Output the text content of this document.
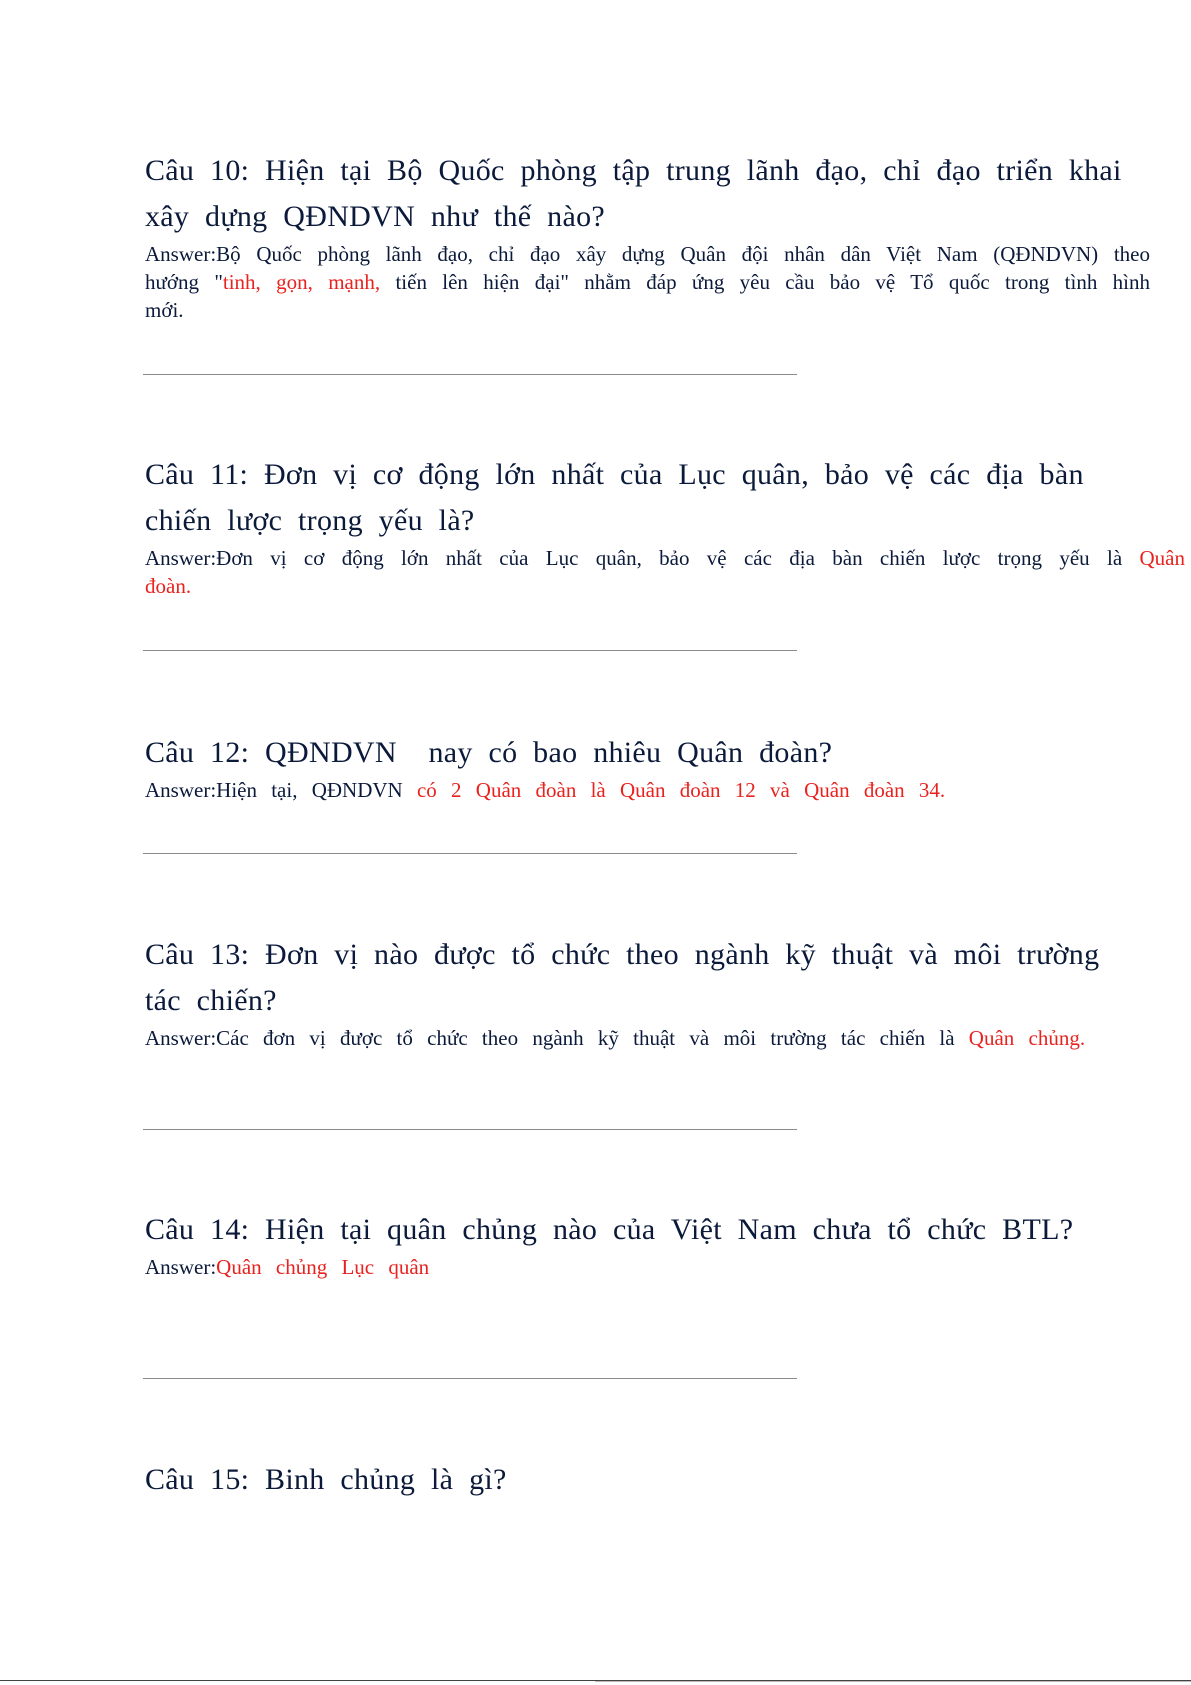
Câu 10: Hiện tại Bộ Quốc phòng tập trung lãnh đạo, chỉ đạo triển khai xây dựng QĐNDVN như thế nào?
Answer:Bộ Quốc phòng lãnh đạo, chỉ đạo xây dựng Quân đội nhân dân Việt Nam (QĐNDVN) theo hướng "tinh, gọn, mạnh, tiến lên hiện đại" nhằm đáp ứng yêu cầu bảo vệ Tổ quốc trong tình hình mới.
Câu 11: Đơn vị cơ động lớn nhất của Lục quân, bảo vệ các địa bàn chiến lược trọng yếu là?
Answer:Đơn vị cơ động lớn nhất của Lục quân, bảo vệ các địa bàn chiến lược trọng yếu là Quân đoàn.
Câu 12: QĐNDVN  nay có bao nhiêu Quân đoàn?
Answer:Hiện tại, QĐNDVN có 2 Quân đoàn là Quân đoàn 12 và Quân đoàn 34.
Câu 13: Đơn vị nào được tổ chức theo ngành kỹ thuật và môi trường tác chiến?
Answer:Các đơn vị được tổ chức theo ngành kỹ thuật và môi trường tác chiến là Quân chủng.
Câu 14: Hiện tại quân chủng nào của Việt Nam chưa tổ chức BTL?
Answer:Quân chủng Lục quân
Câu 15: Binh chủng là gì?
